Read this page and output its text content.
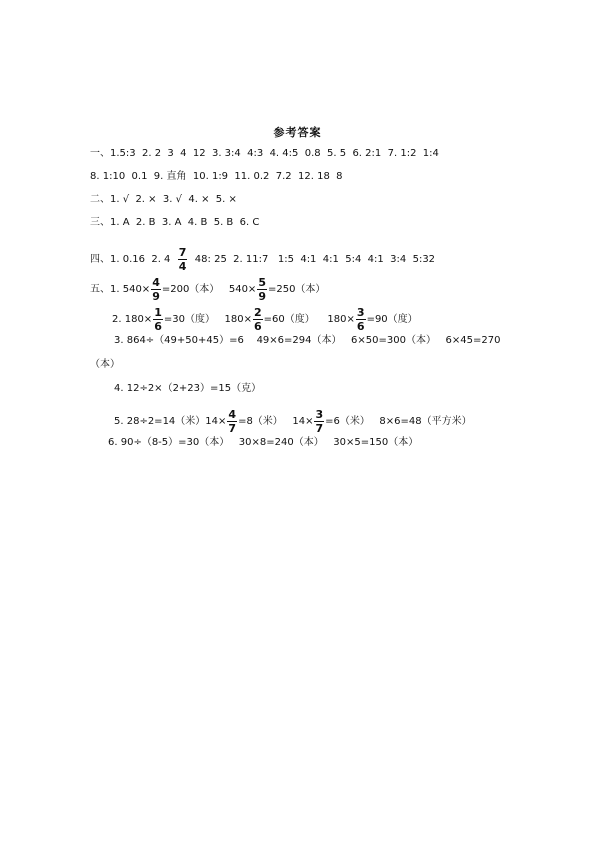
参考答案
一、1.5:3  2. 2  3  4  12  3. 3:4  4:3  4. 4:5  0.8  5. 5  6. 2:1  7. 1:2  1:4
8. 1:10  0.1  9. 直角  10. 1:9  11. 0.2  7.2  12. 18  8
二、1. √  2. ×  3. √  4. ×  5. ×
三、1. A  2. B  3. A  4. B  5. B  6. C
四、1. 0.16  2. $4 \frac{7}{4} 48$: 25  2. 11:7   1:5  4:1  4:1  5:4  4:1  3:4  5:32
五、1. $540\times \frac{4}{9} =200$（本）   $540\times \frac{5}{9} =250$（本）
2. $180\times \frac{1}{6} =30$（度）   $180\times \frac{2}{6} =60$（度）    $180\times \frac{3}{6} =90$（度）
3. 864÷（49+50+45）=6    49×6=294（本）   6×50=300（本）   6×45=270
（本）
4. 12÷2×（2+23）=15（克）
5. 28÷2=14（米）$14\times \frac{4}{7} =8$（米）   $14\times \frac{3}{7} =6$（米）   8×6=48（平方米）
6. 90÷（8-5）=30（本）   30×8=240（本）   30×5=150（本）
